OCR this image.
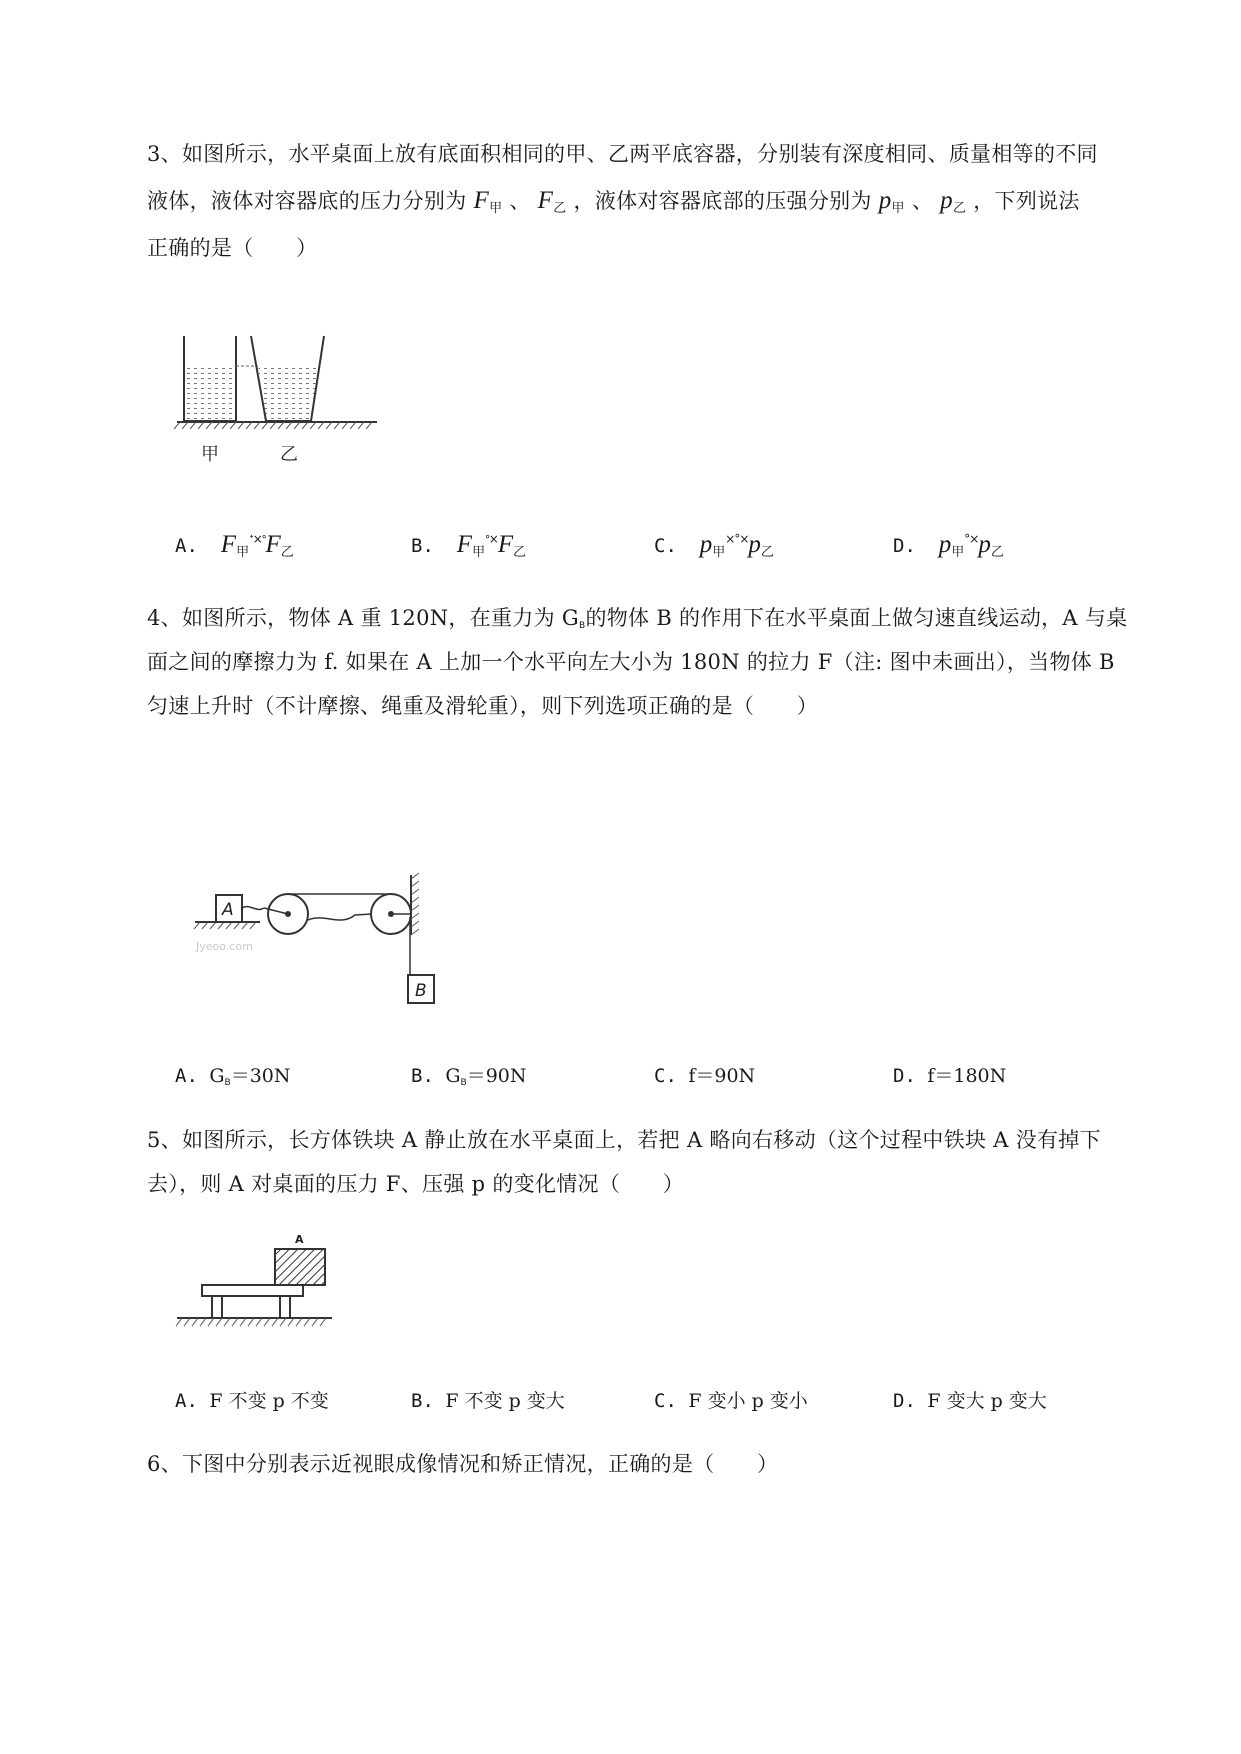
3、如图所示，水平桌面上放有底面积相同的甲、乙两平底容器，分别装有深度相同、质量相等的不同
液体，液体对容器底的压力分别为 $F_甲$ 、 $F_乙$ ，液体对容器底部的压强分别为 $p_甲$ 、 $p_乙$ ，下列说法
正确的是（　　）
甲	乙
A. $F_甲^{ᐩ\times ᐤ}F_乙$	B. $F_甲^{ᐤ\times}F_乙$	C. $p_甲^{\times^\circ\times}p_乙$	D. $p_甲^{^\circ\times}p_乙$
4、如图所示，物体 A 重 120N，在重力为 $G_B$的物体 B 的作用下在水平桌面上做匀速直线运动，A 与桌
面之间的摩擦力为 f. 如果在 A 上加一个水平向左大小为 180N 的拉力 F（注: 图中未画出），当物体 B
匀速上升时（不计摩擦、绳重及滑轮重），则下列选项正确的是（　　）
Jyeoo.com
A
B
A. $G_B=30N$	B. $G_B=90N$	C. f＝90N	D. f＝180N
5、如图所示，长方体铁块 A 静止放在水平桌面上，若把 A 略向右移动（这个过程中铁块 A 没有掉下
去），则 A 对桌面的压力 F、压强 p 的变化情况（　　）
A
A. F 不变 p 不变	B. F 不变 p 变大	C. F 变小 p 变小	D. F 变大 p 变大
6、下图中分别表示近视眼成像情况和矫正情况，正确的是（　　）
